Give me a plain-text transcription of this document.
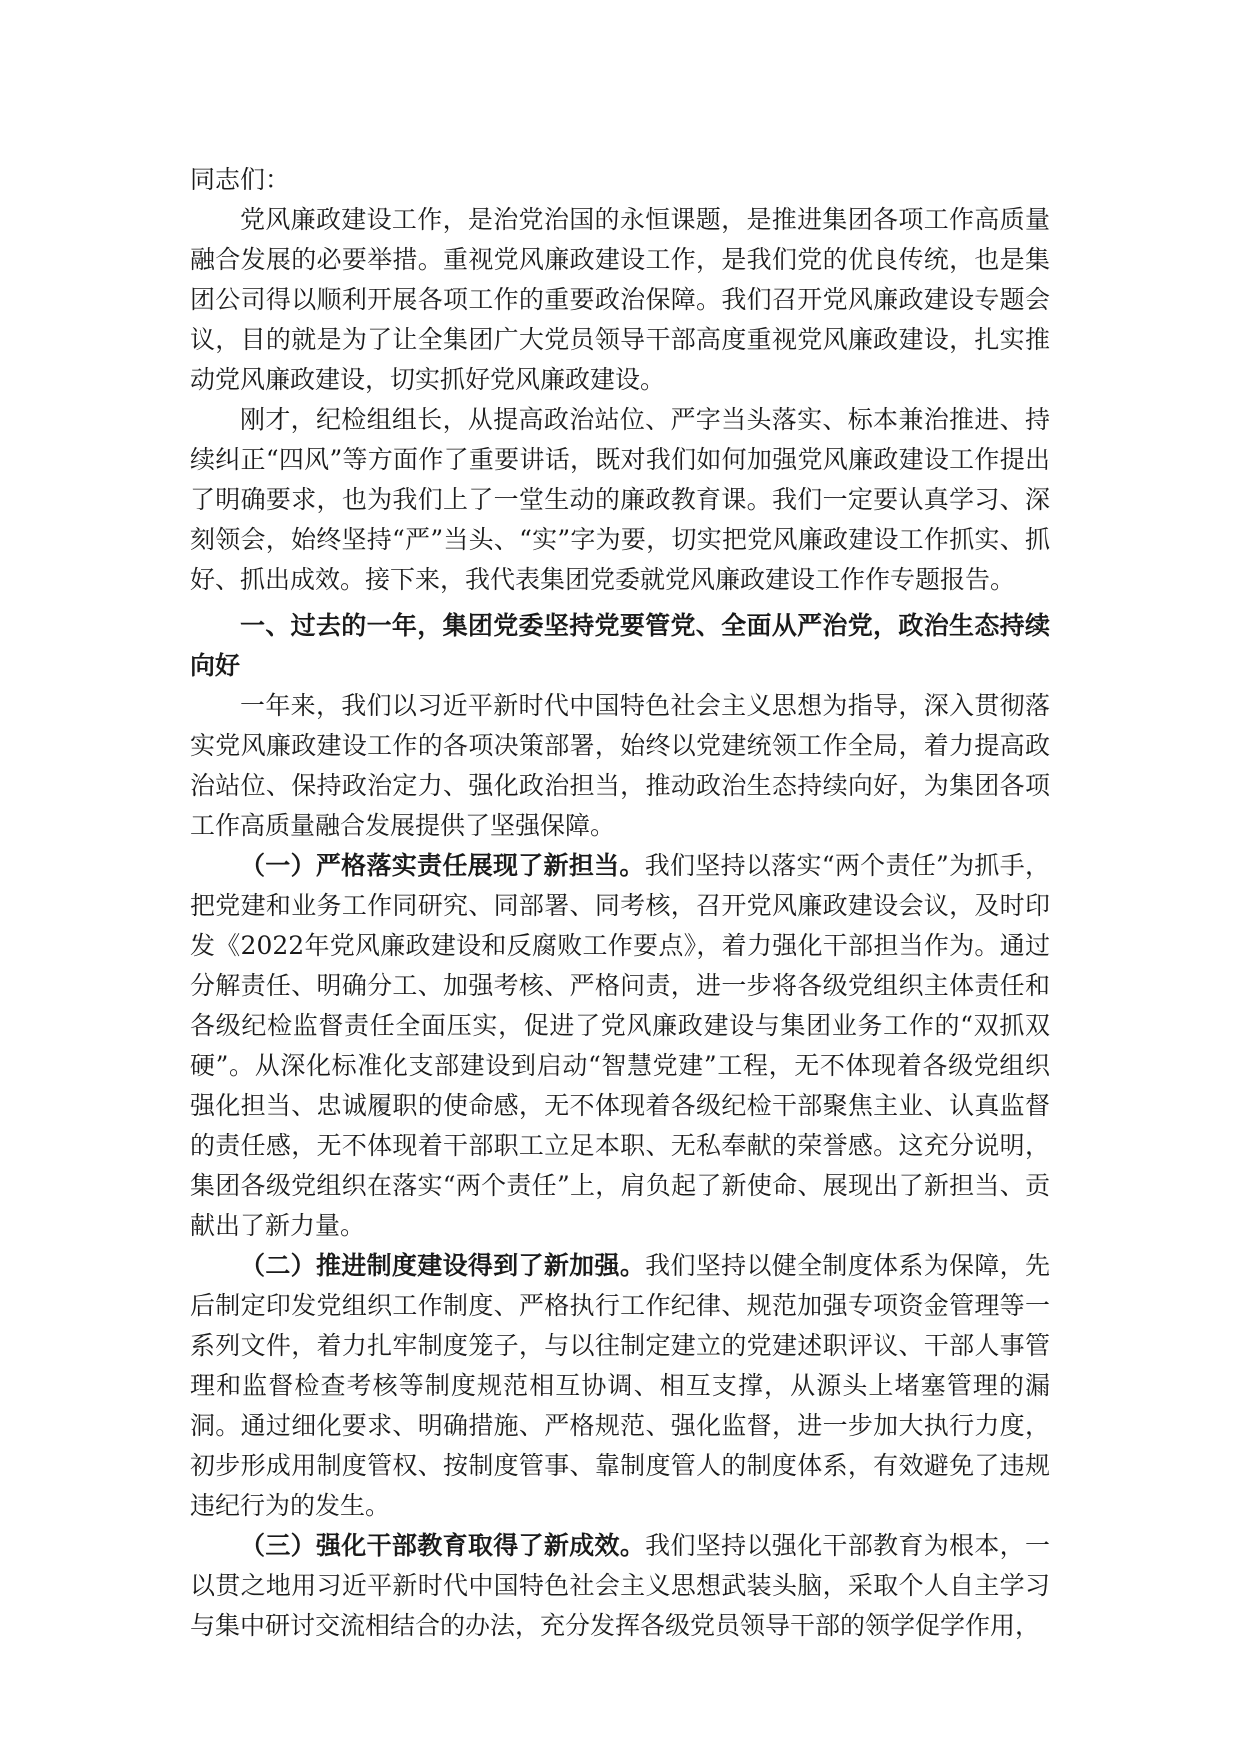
同志们：

党风廉政建设工作，是治党治国的永恒课题，是推进集团各项工作高质量融合发展的必要举措。重视党风廉政建设工作，是我们党的优良传统，也是集团公司得以顺利开展各项工作的重要政治保障。我们召开党风廉政建设专题会议，目的就是为了让全集团广大党员领导干部高度重视党风廉政建设，扎实推动党风廉政建设，切实抓好党风廉政建设。

刚才，纪检组组长，从提高政治站位、严字当头落实、标本兼治推进、持续纠正“四风”等方面作了重要讲话，既对我们如何加强党风廉政建设工作提出了明确要求，也为我们上了一堂生动的廉政教育课。我们一定要认真学习、深刻领会，始终坚持“严”当头、“实”字为要，切实把党风廉政建设工作抓实、抓好、抓出成效。接下来，我代表集团党委就党风廉政建设工作作专题报告。

一、过去的一年，集团党委坚持党要管党、全面从严治党，政治生态持续向好

一年来，我们以习近平新时代中国特色社会主义思想为指导，深入贯彻落实党风廉政建设工作的各项决策部署，始终以党建统领工作全局，着力提高政治站位、保持政治定力、强化政治担当，推动政治生态持续向好，为集团各项工作高质量融合发展提供了坚强保障。

（一）严格落实责任展现了新担当。我们坚持以落实“两个责任”为抓手，把党建和业务工作同研究、同部署、同考核，召开党风廉政建设会议，及时印发《2022年党风廉政建设和反腐败工作要点》，着力强化干部担当作为。通过分解责任、明确分工、加强考核、严格问责，进一步将各级党组织主体责任和各级纪检监督责任全面压实，促进了党风廉政建设与集团业务工作的“双抓双硬”。从深化标准化支部建设到启动“智慧党建”工程，无不体现着各级党组织强化担当、忠诚履职的使命感，无不体现着各级纪检干部聚焦主业、认真监督的责任感，无不体现着干部职工立足本职、无私奉献的荣誉感。这充分说明，集团各级党组织在落实“两个责任”上，肩负起了新使命、展现出了新担当、贡献出了新力量。

（二）推进制度建设得到了新加强。我们坚持以健全制度体系为保障，先后制定印发党组织工作制度、严格执行工作纪律、规范加强专项资金管理等一系列文件，着力扎牢制度笼子，与以往制定建立的党建述职评议、干部人事管理和监督检查考核等制度规范相互协调、相互支撑，从源头上堵塞管理的漏洞。通过细化要求、明确措施、严格规范、强化监督，进一步加大执行力度，初步形成用制度管权、按制度管事、靠制度管人的制度体系，有效避免了违规违纪行为的发生。

（三）强化干部教育取得了新成效。我们坚持以强化干部教育为根本，一以贯之地用习近平新时代中国特色社会主义思想武装头脑，采取个人自主学习与集中研讨交流相结合的办法，充分发挥各级党员领导干部的领学促学作用，
